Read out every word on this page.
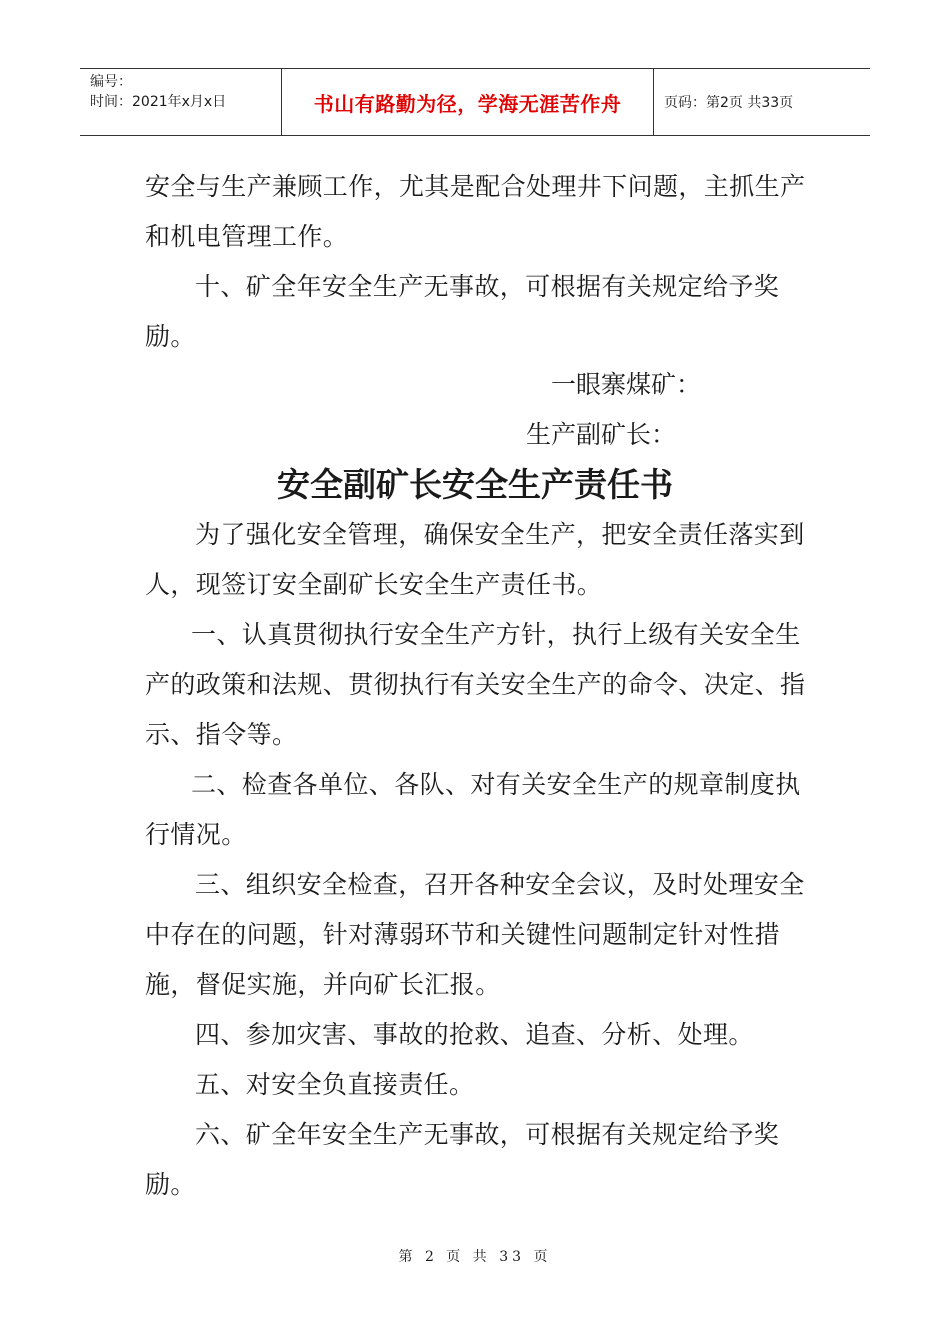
编号：
时间：2021年x月x日	书山有路勤为径，学海无涯苦作舟	页码：第2页 共33页

安全与生产兼顾工作，尤其是配合处理井下问题，主抓生产和机电管理工作。

十、矿全年安全生产无事故，可根据有关规定给予奖励。

一眼寨煤矿：

生产副矿长：

安全副矿长安全生产责任书

为了强化安全管理，确保安全生产，把安全责任落实到人，现签订安全副矿长安全生产责任书。

一、认真贯彻执行安全生产方针，执行上级有关安全生产的政策和法规、贯彻执行有关安全生产的命令、决定、指示、指令等。

二、检查各单位、各队、对有关安全生产的规章制度执行情况。

三、组织安全检查，召开各种安全会议，及时处理安全中存在的问题，针对薄弱环节和关键性问题制定针对性措施，督促实施，并向矿长汇报。

四、参加灾害、事故的抢救、追查、分析、处理。

五、对安全负直接责任。

六、矿全年安全生产无事故，可根据有关规定给予奖励。

第 2 页 共 33 页
